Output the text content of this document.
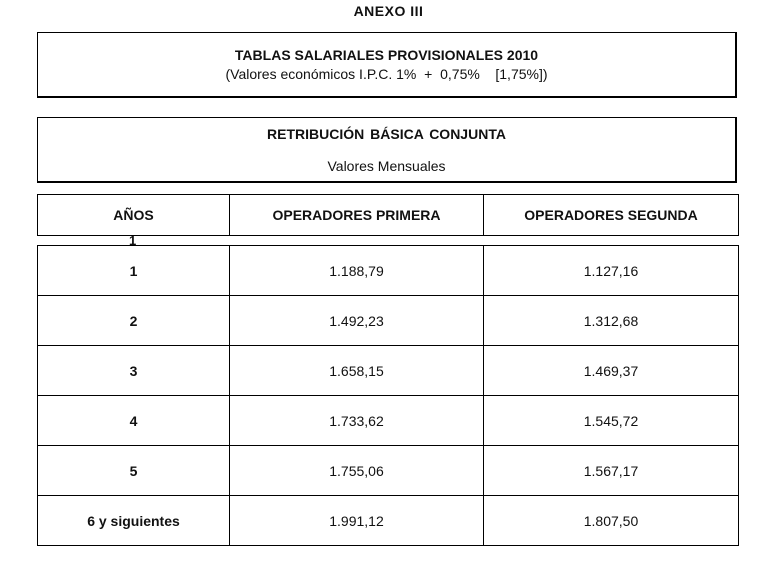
ANEXO III
TABLAS SALARIALES PROVISIONALES 2010
(Valores económicos I.P.C. 1%  +  0,75%    [1,75%])
RETRIBUCIÓN BÁSICA CONJUNTA
Valores Mensuales
AÑOS	OPERADORES PRIMERA	OPERADORES SEGUNDA
1
1	1.188,79	1.127,16
2	1.492,23	1.312,68
3	1.658,15	1.469,37
4	1.733,62	1.545,72
5	1.755,06	1.567,17
6 y siguientes	1.991,12	1.807,50
